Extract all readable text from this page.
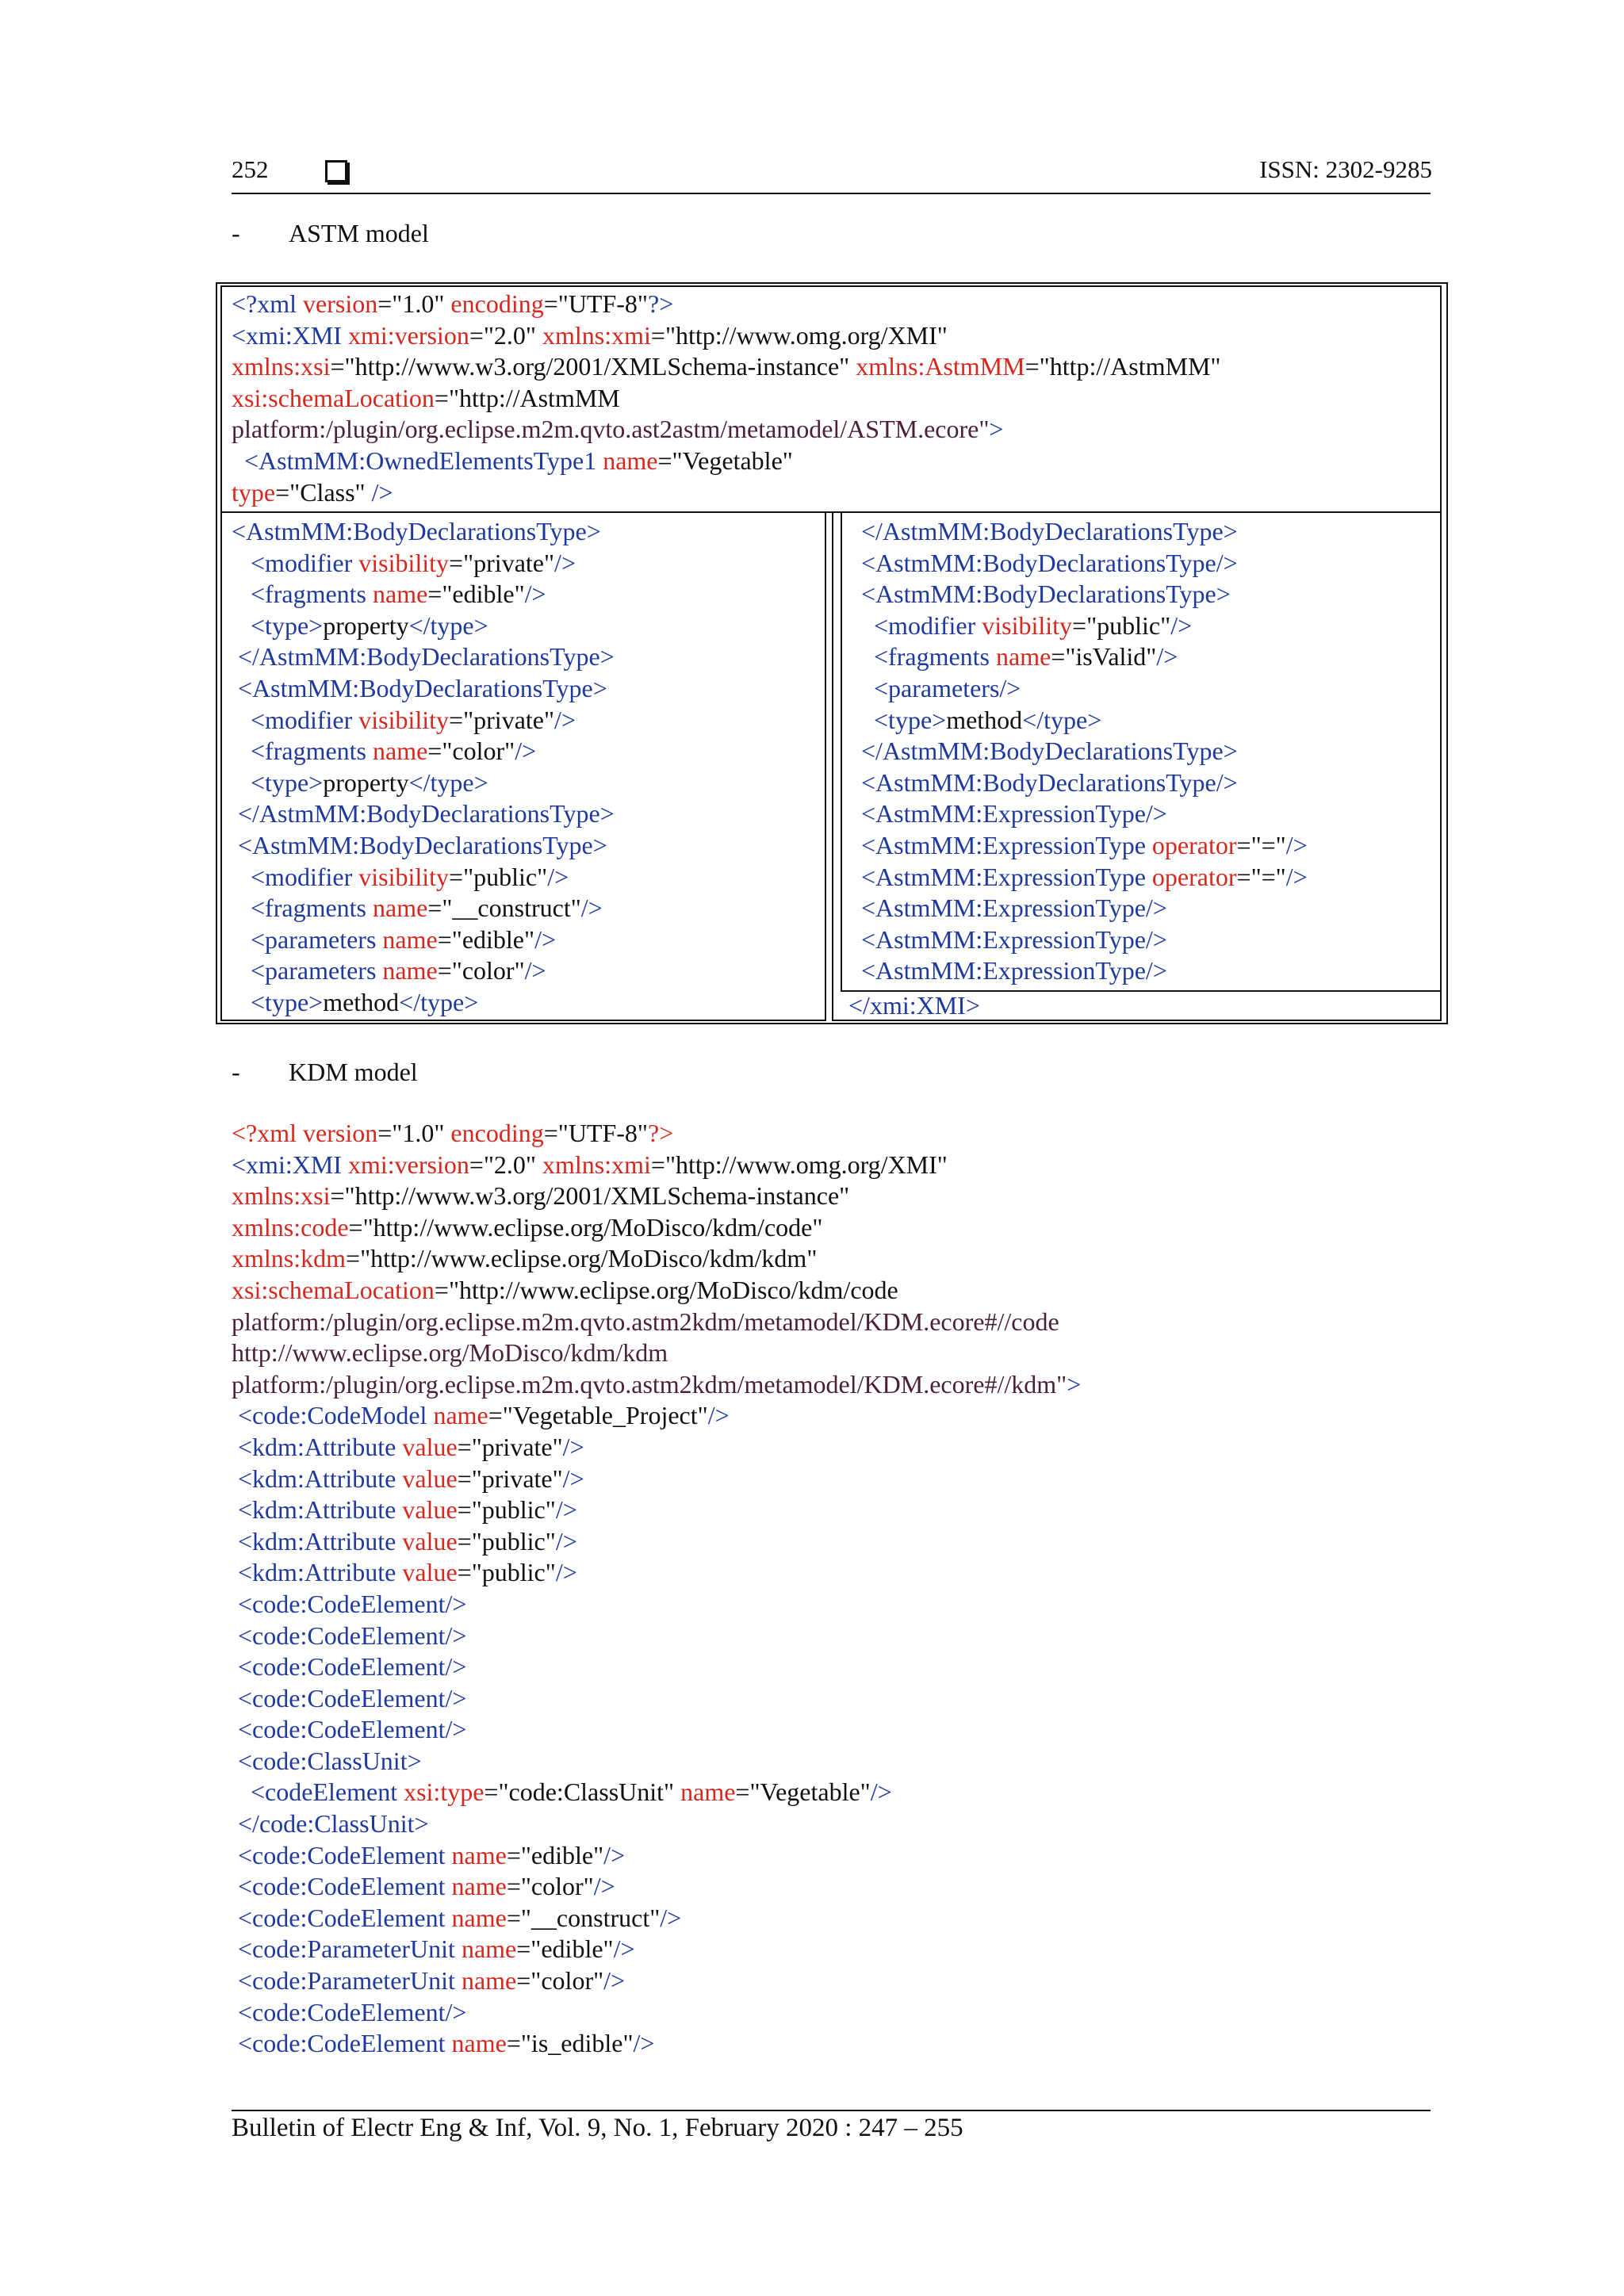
252	ISSN: 2302-9285
- ASTM model
<?xml version="1.0" encoding="UTF-8"?>
<xmi:XMI xmi:version="2.0" xmlns:xmi="http://www.omg.org/XMI"
xmlns:xsi="http://www.w3.org/2001/XMLSchema-instance" xmlns:AstmMM="http://AstmMM"
xsi:schemaLocation="http://AstmMM
platform:/plugin/org.eclipse.m2m.qvto.ast2astm/metamodel/ASTM.ecore">
<AstmMM:OwnedElementsType1 name="Vegetable"
type="Class" />
<AstmMM:BodyDeclarationsType>
<modifier visibility="private"/>
<fragments name="edible"/>
<type>property</type>
</AstmMM:BodyDeclarationsType>
<AstmMM:BodyDeclarationsType>
<modifier visibility="private"/>
<fragments name="color"/>
<type>property</type>
</AstmMM:BodyDeclarationsType>
<AstmMM:BodyDeclarationsType>
<modifier visibility="public"/>
<fragments name="__construct"/>
<parameters name="edible"/>
<parameters name="color"/>
<type>method</type>
</AstmMM:BodyDeclarationsType>
<AstmMM:BodyDeclarationsType/>
<AstmMM:BodyDeclarationsType>
<modifier visibility="public"/>
<fragments name="isValid"/>
<parameters/>
<type>method</type>
</AstmMM:BodyDeclarationsType>
<AstmMM:BodyDeclarationsType/>
<AstmMM:ExpressionType/>
<AstmMM:ExpressionType operator="="/>
<AstmMM:ExpressionType operator="="/>
<AstmMM:ExpressionType/>
<AstmMM:ExpressionType/>
<AstmMM:ExpressionType/>
</xmi:XMI>
- KDM model
<?xml version="1.0" encoding="UTF-8"?>
<xmi:XMI xmi:version="2.0" xmlns:xmi="http://www.omg.org/XMI"
xmlns:xsi="http://www.w3.org/2001/XMLSchema-instance"
xmlns:code="http://www.eclipse.org/MoDisco/kdm/code"
xmlns:kdm="http://www.eclipse.org/MoDisco/kdm/kdm"
xsi:schemaLocation="http://www.eclipse.org/MoDisco/kdm/code
platform:/plugin/org.eclipse.m2m.qvto.astm2kdm/metamodel/KDM.ecore#//code
http://www.eclipse.org/MoDisco/kdm/kdm
platform:/plugin/org.eclipse.m2m.qvto.astm2kdm/metamodel/KDM.ecore#//kdm">
<code:CodeModel name="Vegetable_Project"/>
<kdm:Attribute value="private"/>
<kdm:Attribute value="private"/>
<kdm:Attribute value="public"/>
<kdm:Attribute value="public"/>
<kdm:Attribute value="public"/>
<code:CodeElement/>
<code:CodeElement/>
<code:CodeElement/>
<code:CodeElement/>
<code:CodeElement/>
<code:ClassUnit>
<codeElement xsi:type="code:ClassUnit" name="Vegetable"/>
</code:ClassUnit>
<code:CodeElement name="edible"/>
<code:CodeElement name="color"/>
<code:CodeElement name="__construct"/>
<code:ParameterUnit name="edible"/>
<code:ParameterUnit name="color"/>
<code:CodeElement/>
<code:CodeElement name="is_edible"/>
Bulletin of Electr Eng & Inf, Vol. 9, No. 1, February 2020 : 247 – 255
